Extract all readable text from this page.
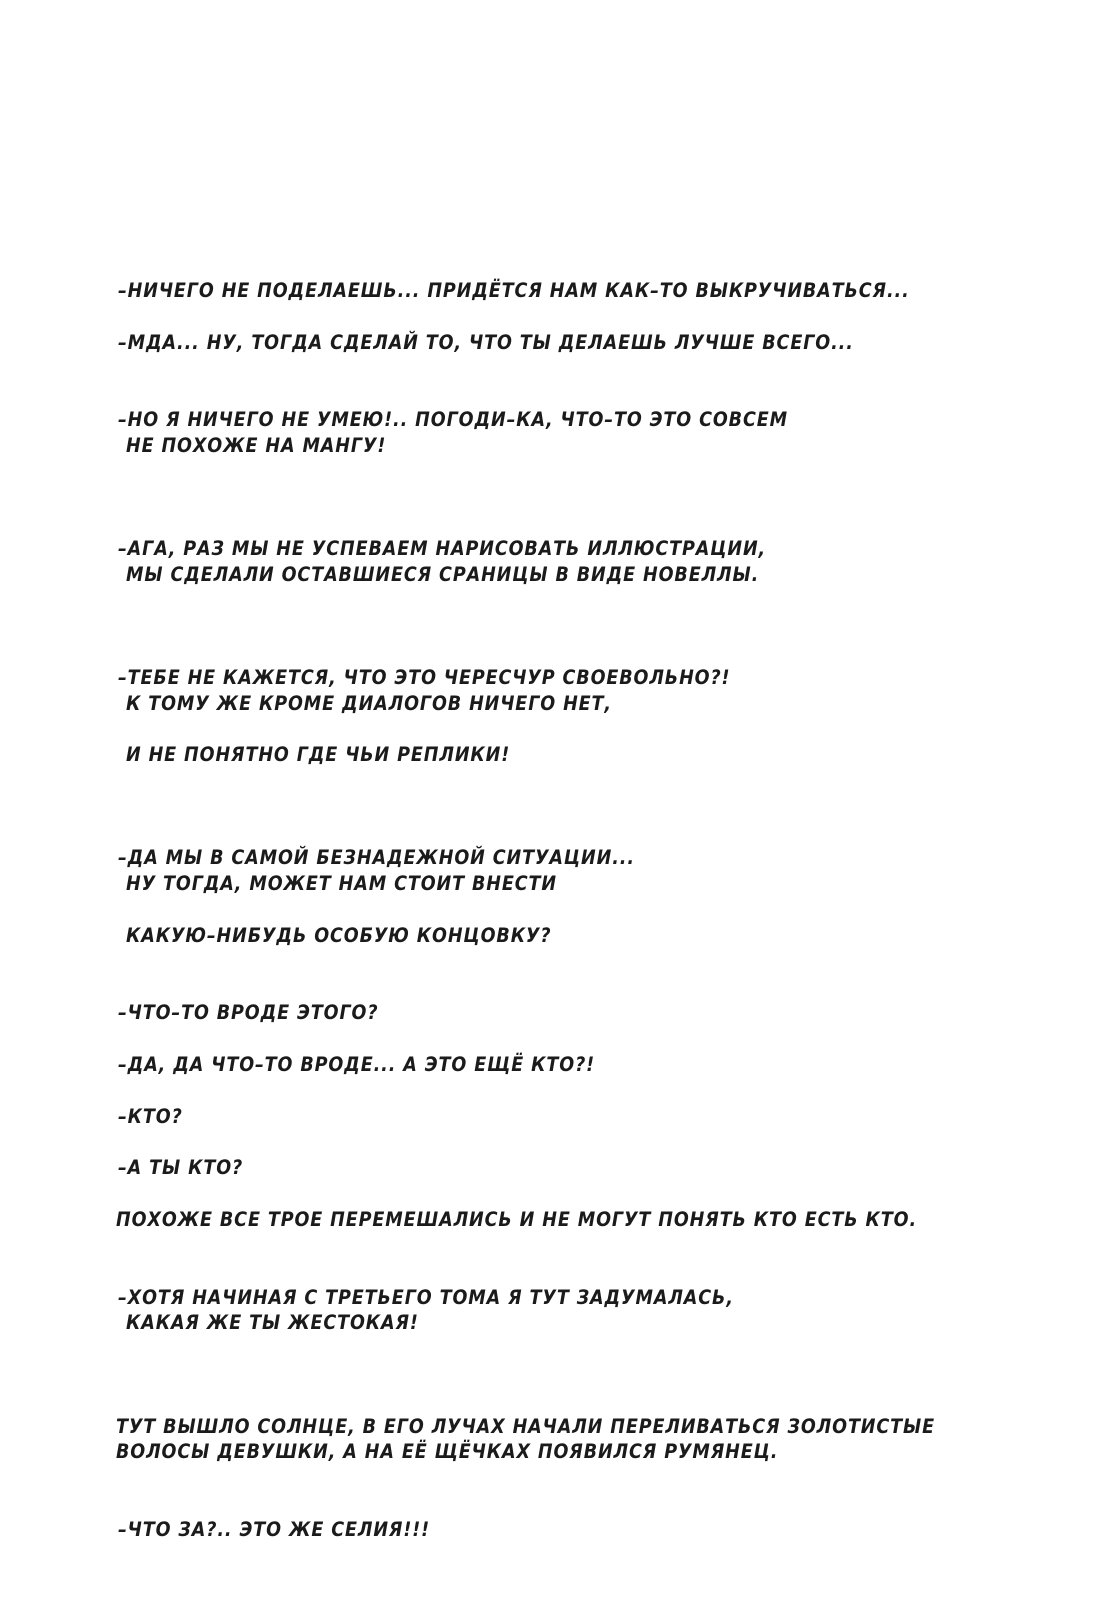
–НИЧЕГО НЕ ПОДЕЛАЕШЬ... ПРИДЁТСЯ НАМ КАК–ТО ВЫКРУЧИВАТЬСЯ...

–МДА... НУ, ТОГДА СДЕЛАЙ ТО, ЧТО ТЫ ДЕЛАЕШЬ ЛУЧШЕ ВСЕГО...

–НО Я НИЧЕГО НЕ УМЕЮ!.. ПОГОДИ–КА, ЧТО–ТО ЭТО СОВСЕМ

НЕ ПОХОЖЕ НА МАНГУ!

–АГА, РАЗ МЫ НЕ УСПЕВАЕМ НАРИСОВАТЬ ИЛЛЮСТРАЦИИ,

МЫ СДЕЛАЛИ ОСТАВШИЕСЯ СРАНИЦЫ В ВИДЕ НОВЕЛЛЫ.

–ТЕБЕ НЕ КАЖЕТСЯ, ЧТО ЭТО ЧЕРЕСЧУР СВОЕВОЛЬНО?!

К ТОМУ ЖЕ КРОМЕ ДИАЛОГОВ НИЧЕГО НЕТ,

И НЕ ПОНЯТНО ГДЕ ЧЬИ РЕПЛИКИ!

–ДА МЫ В САМОЙ БЕЗНАДЕЖНОЙ СИТУАЦИИ...

НУ ТОГДА, МОЖЕТ НАМ СТОИТ ВНЕСТИ

КАКУЮ–НИБУДЬ ОСОБУЮ КОНЦОВКУ?

–ЧТО–ТО ВРОДЕ ЭТОГО?

–ДА, ДА ЧТО–ТО ВРОДЕ... А ЭТО ЕЩЁ КТО?!

–КТО?

–А ТЫ КТО?

ПОХОЖЕ ВСЕ ТРОЕ ПЕРЕМЕШАЛИСЬ И НЕ МОГУТ ПОНЯТЬ КТО ЕСТЬ КТО.

–ХОТЯ НАЧИНАЯ С ТРЕТЬЕГО ТОМА Я ТУТ ЗАДУМАЛАСЬ,

КАКАЯ ЖЕ ТЫ ЖЕСТОКАЯ!

ТУТ ВЫШЛО СОЛНЦЕ, В ЕГО ЛУЧАХ НАЧАЛИ ПЕРЕЛИВАТЬСЯ ЗОЛОТИСТЫЕ

ВОЛОСЫ ДЕВУШКИ, А НА ЕЁ ЩЁЧКАХ ПОЯВИЛСЯ РУМЯНЕЦ.

–ЧТО ЗА?.. ЭТО ЖЕ СЕЛИЯ!!!
